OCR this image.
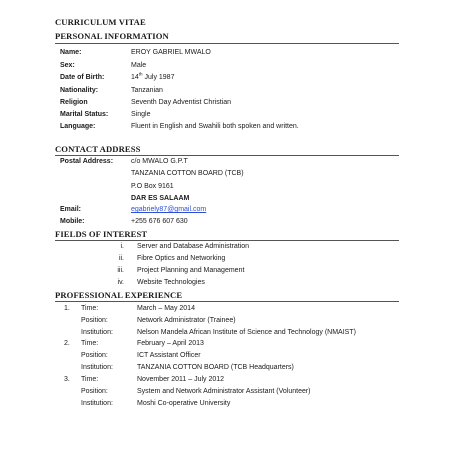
CURRICULUM VITAE
PERSONAL INFORMATION
Name:	EROY GABRIEL MWALO
Sex:	Male
Date of Birth:	14th July 1987
Nationality:	Tanzanian
Religion	Seventh Day Adventist Christian
Marital Status:	Single
Language:	Fluent in English and Swahili both spoken and written.
CONTACT ADDRESS
Postal Address:	c/o MWALO G.P.T
TANZANIA COTTON BOARD (TCB)
P.O Box 9161
DAR ES SALAAM
Email:	egabriely87@gmail.com
Mobile:	+255 676 607 630
FIELDS OF INTEREST
i. Server and Database Administration
ii. Fibre Optics and Networking
iii. Project Planning and Management
iv. Website Technologies
PROFESSIONAL EXPERIENCE
1. Time:	March – May 2014
Position:	Network Administrator (Trainee)
Institution:	Nelson Mandela African Institute of Science and Technology (NMAIST)
2. Time:	February – April 2013
Position:	ICT Assistant Officer
Institution:	TANZANIA COTTON BOARD (TCB Headquarters)
3. Time:	November 2011 – July 2012
Position:	System and Network Administrator Assistant (Volunteer)
Institution:	Moshi Co-operative University
